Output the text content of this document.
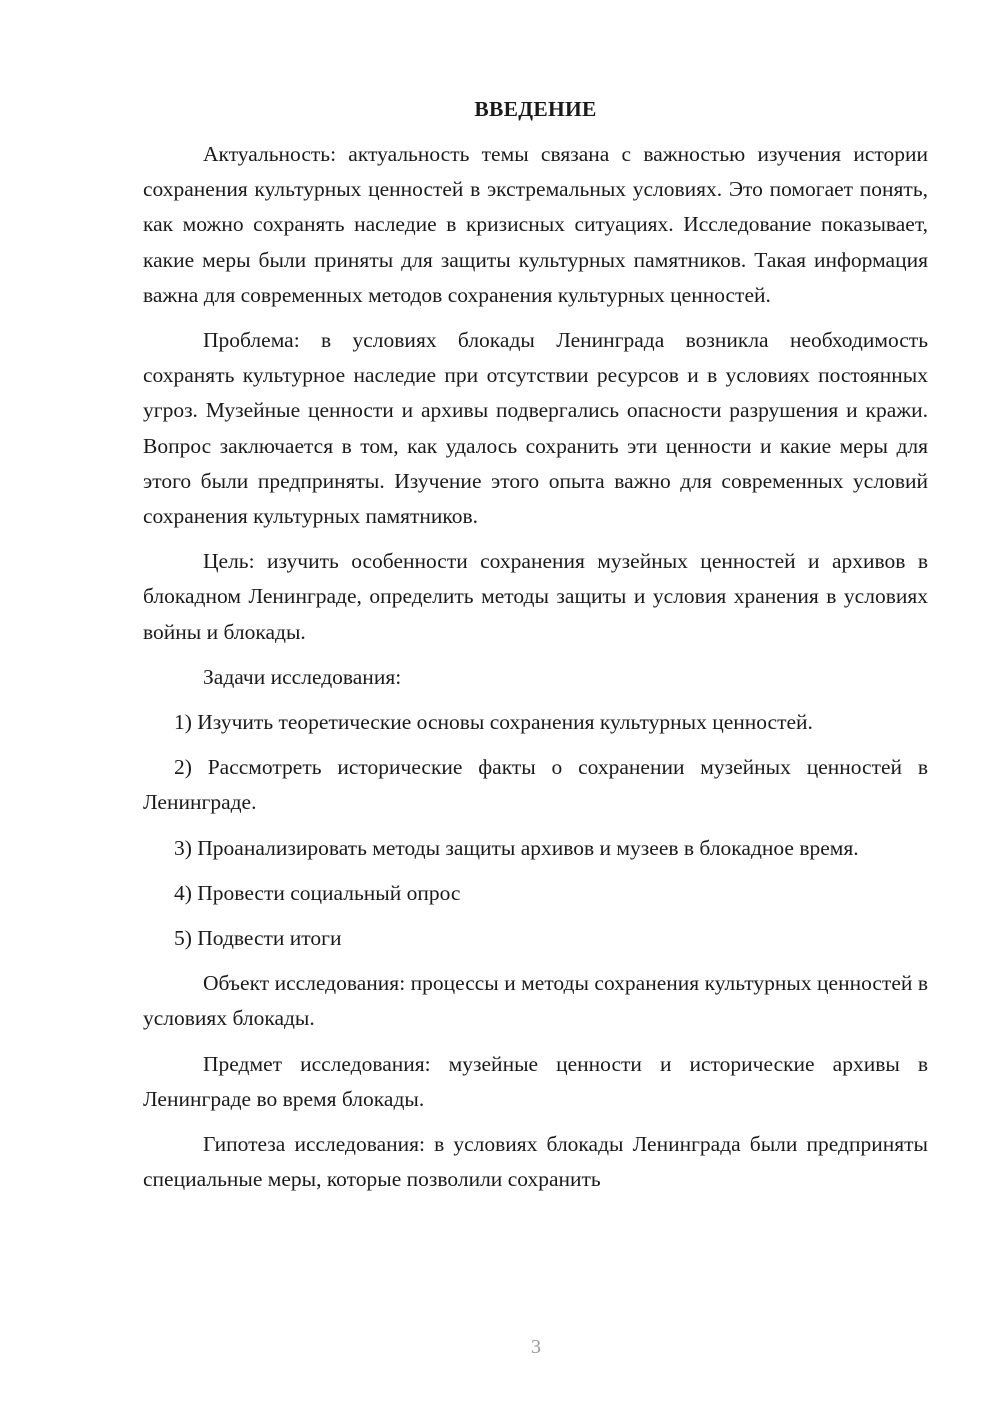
ВВЕДЕНИЕ

Актуальность: актуальность темы связана с важностью изучения истории сохранения культурных ценностей в экстремальных условиях. Это помогает понять, как можно сохранять наследие в кризисных ситуациях. Исследование показывает, какие меры были приняты для защиты культурных памятников. Такая информация важна для современных методов сохранения культурных ценностей.

Проблема: в условиях блокады Ленинграда возникла необходимость сохранять культурное наследие при отсутствии ресурсов и в условиях постоянных угроз. Музейные ценности и архивы подвергались опасности разрушения и кражи. Вопрос заключается в том, как удалось сохранить эти ценности и какие меры для этого были предприняты. Изучение этого опыта важно для современных условий сохранения культурных памятников.

Цель: изучить особенности сохранения музейных ценностей и архивов в блокадном Ленинграде, определить методы защиты и условия хранения в условиях войны и блокады.

Задачи исследования:

1) Изучить теоретические основы сохранения культурных ценностей.

2) Рассмотреть исторические факты о сохранении музейных ценностей в Ленинграде.

3) Проанализировать методы защиты архивов и музеев в блокадное время.

4) Провести социальный опрос

5) Подвести итоги

Объект исследования: процессы и методы сохранения культурных ценностей в условиях блокады.

Предмет исследования: музейные ценности и исторические архивы в Ленинграде во время блокады.

Гипотеза исследования: в условиях блокады Ленинграда были предприняты специальные меры, которые позволили сохранить

3
